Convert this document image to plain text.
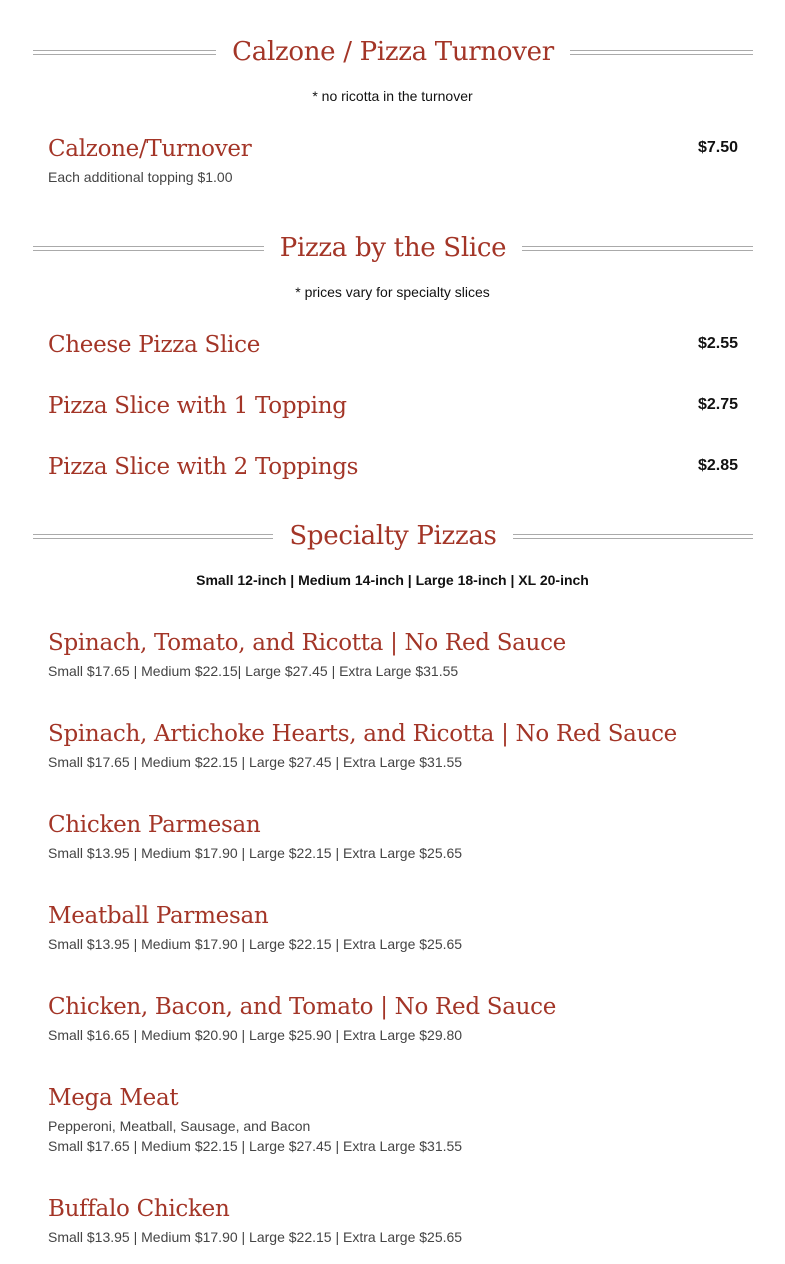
Calzone / Pizza Turnover
* no ricotta in the turnover
Calzone/Turnover	$7.50
Each additional topping $1.00
Pizza by the Slice
* prices vary for specialty slices
Cheese Pizza Slice	$2.55
Pizza Slice with 1 Topping	$2.75
Pizza Slice with 2 Toppings	$2.85
Specialty Pizzas
Small 12-inch | Medium 14-inch | Large 18-inch | XL 20-inch
Spinach, Tomato, and Ricotta | No Red Sauce
Small $17.65 | Medium $22.15| Large $27.45 | Extra Large $31.55
Spinach, Artichoke Hearts, and Ricotta | No Red Sauce
Small $17.65 | Medium $22.15 | Large $27.45 | Extra Large $31.55
Chicken Parmesan
Small $13.95 | Medium $17.90 | Large $22.15 | Extra Large $25.65
Meatball Parmesan
Small $13.95 | Medium $17.90 | Large $22.15 | Extra Large $25.65
Chicken, Bacon, and Tomato | No Red Sauce
Small $16.65 | Medium $20.90 | Large $25.90 | Extra Large $29.80
Mega Meat
Pepperoni, Meatball, Sausage, and Bacon
Small $17.65 | Medium $22.15 | Large $27.45 | Extra Large $31.55
Buffalo Chicken
Small $13.95 | Medium $17.90 | Large $22.15 | Extra Large $25.65
